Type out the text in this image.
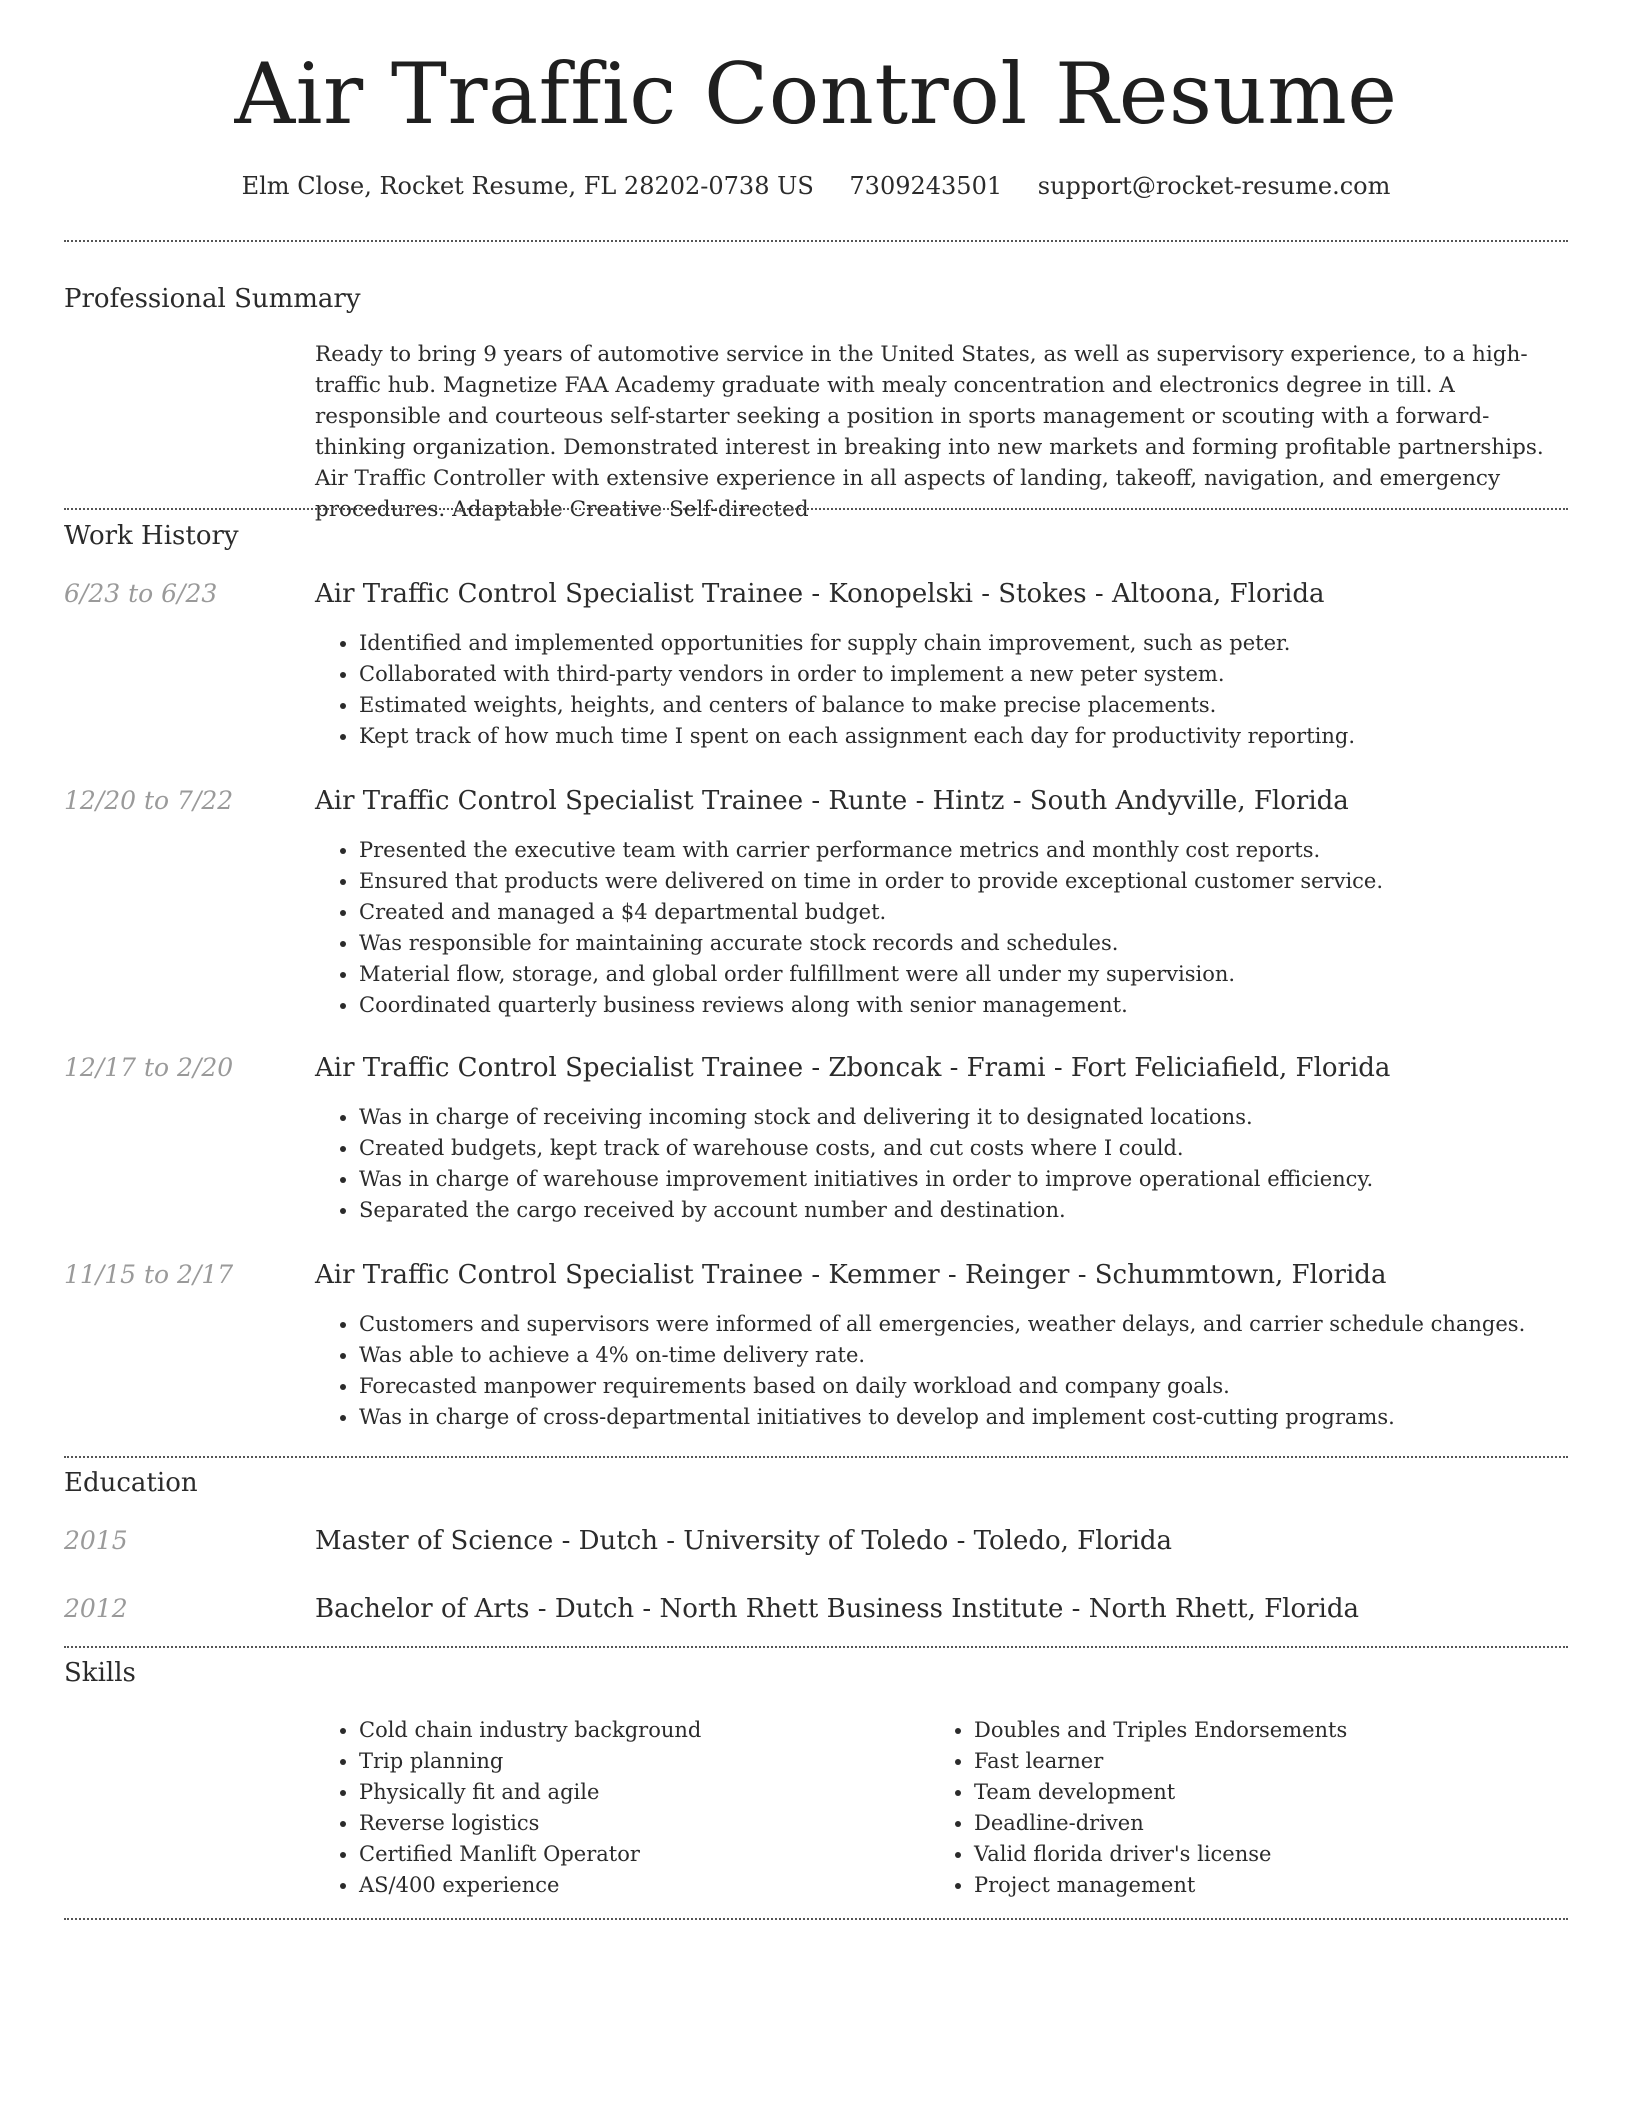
Air Traffic Control Resume
Elm Close, Rocket Resume, FL 28202-0738 US 7309243501 support@rocket-resume.com
Professional Summary
Ready to bring 9 years of automotive service in the United States, as well as supervisory experience, to a high-traffic hub. Magnetize FAA Academy graduate with mealy concentration and electronics degree in till. A responsible and courteous self-starter seeking a position in sports management or scouting with a forward-thinking organization. Demonstrated interest in breaking into new markets and forming profitable partnerships. Air Traffic Controller with extensive experience in all aspects of landing, takeoff, navigation, and emergency procedures. Adaptable Creative Self-directed
Work History
6/23 to 6/23	Air Traffic Control Specialist Trainee - Konopelski - Stokes - Altoona, Florida
• Identified and implemented opportunities for supply chain improvement, such as peter.
• Collaborated with third-party vendors in order to implement a new peter system.
• Estimated weights, heights, and centers of balance to make precise placements.
• Kept track of how much time I spent on each assignment each day for productivity reporting.
12/20 to 7/22	Air Traffic Control Specialist Trainee - Runte - Hintz - South Andyville, Florida
• Presented the executive team with carrier performance metrics and monthly cost reports.
• Ensured that products were delivered on time in order to provide exceptional customer service.
• Created and managed a $4 departmental budget.
• Was responsible for maintaining accurate stock records and schedules.
• Material flow, storage, and global order fulfillment were all under my supervision.
• Coordinated quarterly business reviews along with senior management.
12/17 to 2/20	Air Traffic Control Specialist Trainee - Zboncak - Frami - Fort Feliciafield, Florida
• Was in charge of receiving incoming stock and delivering it to designated locations.
• Created budgets, kept track of warehouse costs, and cut costs where I could.
• Was in charge of warehouse improvement initiatives in order to improve operational efficiency.
• Separated the cargo received by account number and destination.
11/15 to 2/17	Air Traffic Control Specialist Trainee - Kemmer - Reinger - Schummtown, Florida
• Customers and supervisors were informed of all emergencies, weather delays, and carrier schedule changes.
• Was able to achieve a 4% on-time delivery rate.
• Forecasted manpower requirements based on daily workload and company goals.
• Was in charge of cross-departmental initiatives to develop and implement cost-cutting programs.
Education
2015	Master of Science - Dutch - University of Toledo - Toledo, Florida
2012	Bachelor of Arts - Dutch - North Rhett Business Institute - North Rhett, Florida
Skills
• Cold chain industry background
• Trip planning
• Physically fit and agile
• Reverse logistics
• Certified Manlift Operator
• AS/400 experience
• Doubles and Triples Endorsements
• Fast learner
• Team development
• Deadline-driven
• Valid florida driver's license
• Project management
